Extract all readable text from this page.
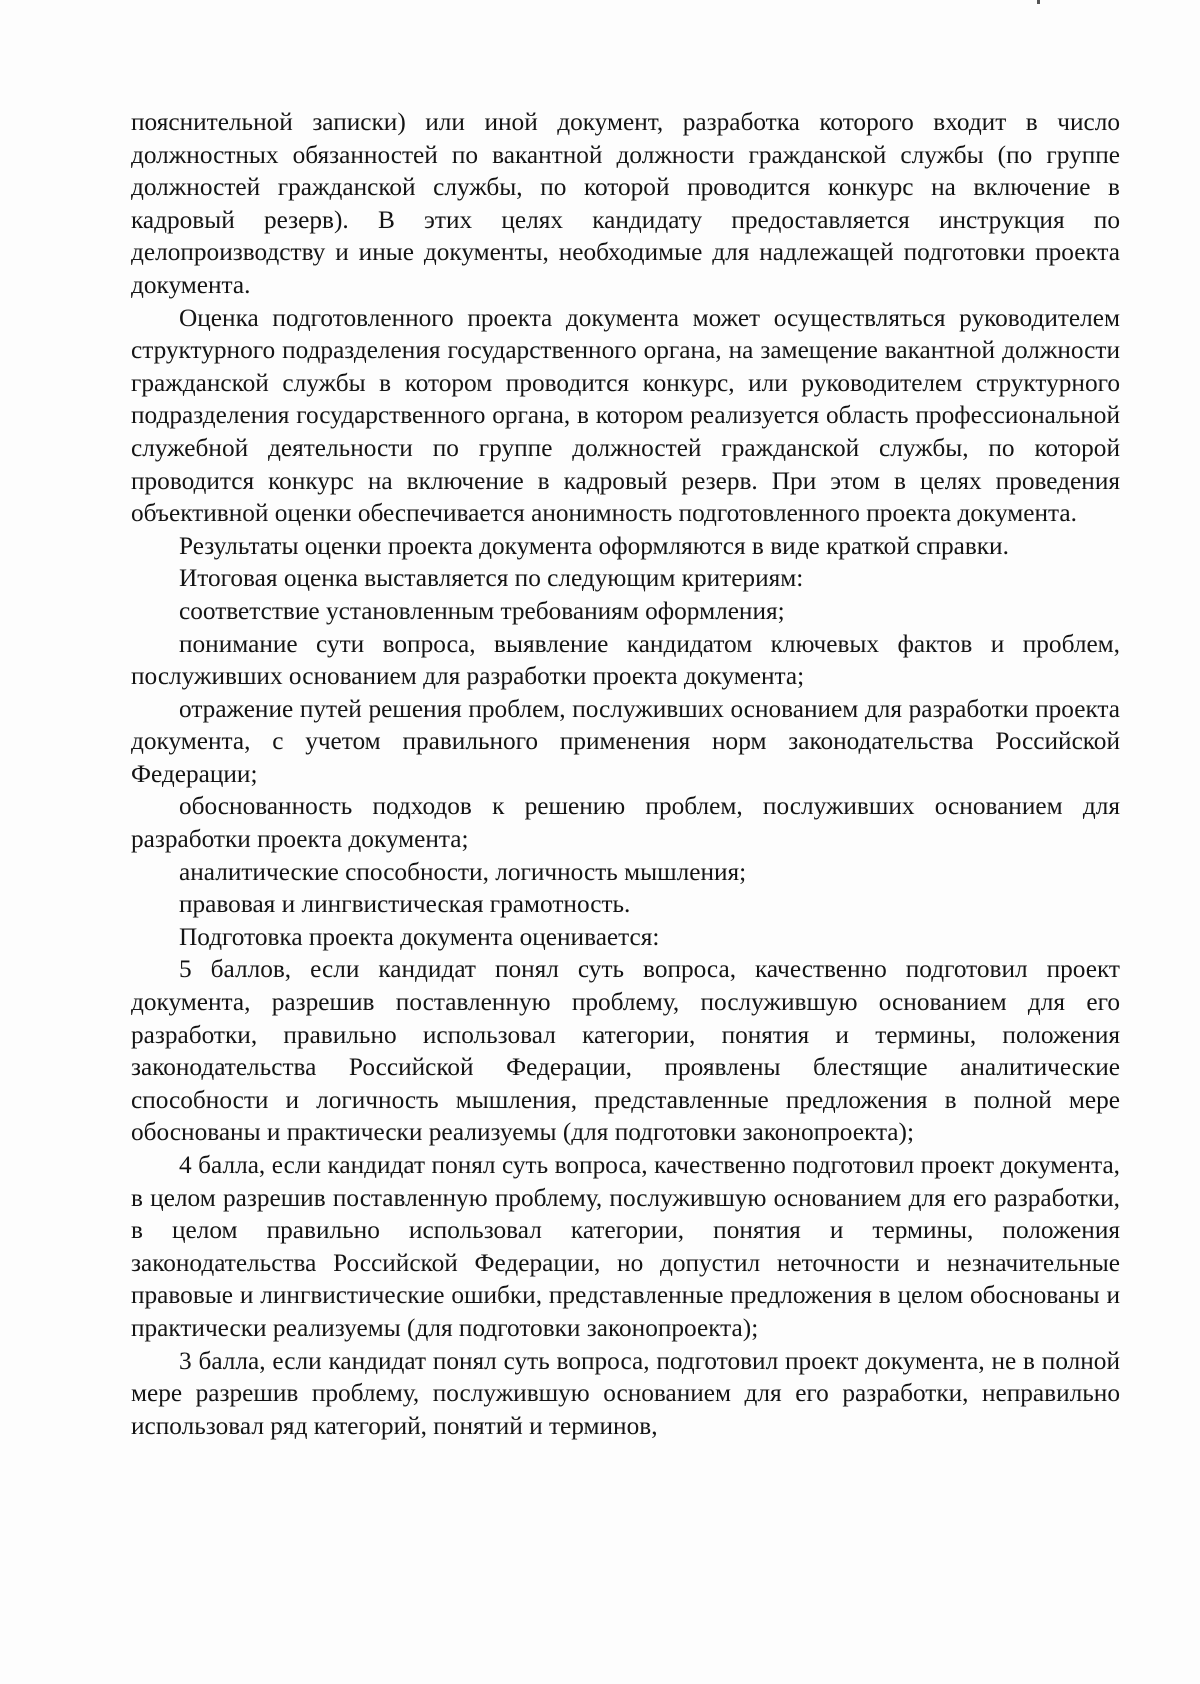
пояснительной записки) или иной документ, разработка которого входит в число должностных обязанностей по вакантной должности гражданской службы (по группе должностей гражданской службы, по которой проводится конкурс на включение в кадровый резерв). В этих целях кандидату предоставляется инструкция по делопроизводству и иные документы, необходимые для надлежащей подготовки проекта документа.

Оценка подготовленного проекта документа может осуществляться руководителем структурного подразделения государственного органа, на замещение вакантной должности гражданской службы в котором проводится конкурс, или руководителем структурного подразделения государственного органа, в котором реализуется область профессиональной служебной деятельности по группе должностей гражданской службы, по которой проводится конкурс на включение в кадровый резерв. При этом в целях проведения объективной оценки обеспечивается анонимность подготовленного проекта документа.

Результаты оценки проекта документа оформляются в виде краткой справки.

Итоговая оценка выставляется по следующим критериям:

соответствие установленным требованиям оформления;

понимание сути вопроса, выявление кандидатом ключевых фактов и проблем, послуживших основанием для разработки проекта документа;

отражение путей решения проблем, послуживших основанием для разработки проекта документа, с учетом правильного применения норм законодательства Российской Федерации;

обоснованность подходов к решению проблем, послуживших основанием для разработки проекта документа;

аналитические способности, логичность мышления;

правовая и лингвистическая грамотность.

Подготовка проекта документа оценивается:

5 баллов, если кандидат понял суть вопроса, качественно подготовил проект документа, разрешив поставленную проблему, послужившую основанием для его разработки, правильно использовал категории, понятия и термины, положения законодательства Российской Федерации, проявлены блестящие аналитические способности и логичность мышления, представленные предложения в полной мере обоснованы и практически реализуемы (для подготовки законопроекта);

4 балла, если кандидат понял суть вопроса, качественно подготовил проект документа, в целом разрешив поставленную проблему, послужившую основанием для его разработки, в целом правильно использовал категории, понятия и термины, положения законодательства Российской Федерации, но допустил неточности и незначительные правовые и лингвистические ошибки, представленные предложения в целом обоснованы и практически реализуемы (для подготовки законопроекта);

3 балла, если кандидат понял суть вопроса, подготовил проект документа, не в полной мере разрешив проблему, послужившую основанием для его разработки, неправильно использовал ряд категорий, понятий и терминов,
